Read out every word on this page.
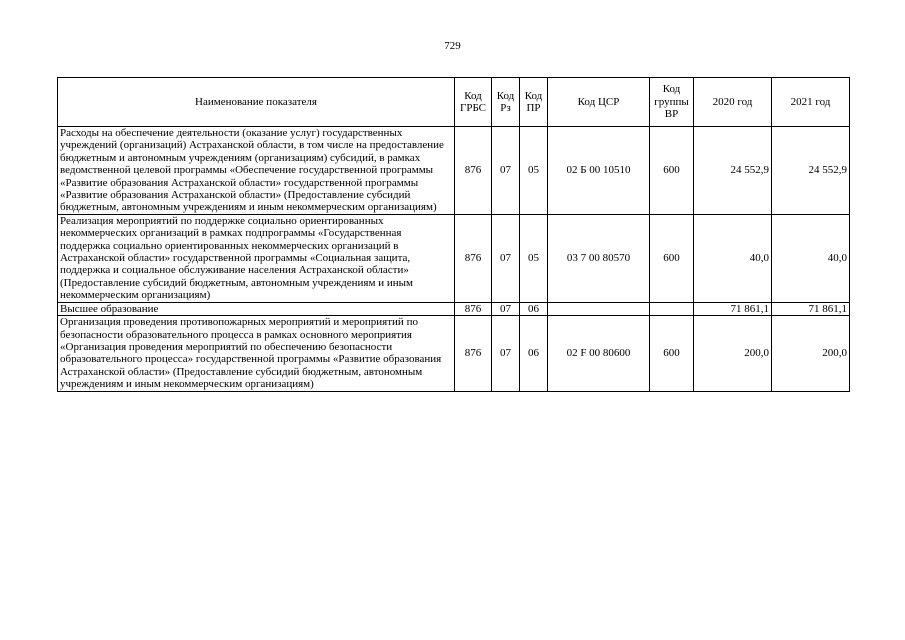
729
Наименование показателя	Код ГРБС	Код Рз	Код ПР	Код ЦСР	Код группы ВР	2020 год	2021 год
Расходы на обеспечение деятельности (оказание услуг) государственных учреждений (организаций) Астраханской области, в том числе на предоставление бюджетным и автономным учреждениям (организациям) субсидий, в рамках ведомственной целевой программы «Обеспечение государственной программы «Развитие образования Астраханской области» государственной программы «Развитие образования Астраханской области» (Предоставление субсидий бюджетным, автономным учреждениям и иным некоммерческим организациям)	876	07	05	02 Б 00 10510	600	24 552,9	24 552,9
Реализация мероприятий по поддержке социально ориентированных некоммерческих организаций в рамках подпрограммы «Государственная поддержка социально ориентированных некоммерческих организаций в Астраханской области» государственной программы «Социальная защита, поддержка и социальное обслуживание населения Астраханской области» (Предоставление субсидий бюджетным, автономным учреждениям и иным некоммерческим организациям)	876	07	05	03 7 00 80570	600	40,0	40,0
Высшее образование	876	07	06			71 861,1	71 861,1
Организация проведения противопожарных мероприятий и мероприятий по безопасности образовательного процесса в рамках основного мероприятия «Организация проведения мероприятий по обеспечению безопасности образовательного процесса» государственной программы «Развитие образования Астраханской области» (Предоставление субсидий бюджетным, автономным учреждениям и иным некоммерческим организациям)	876	07	06	02 F 00 80600	600	200,0	200,0
